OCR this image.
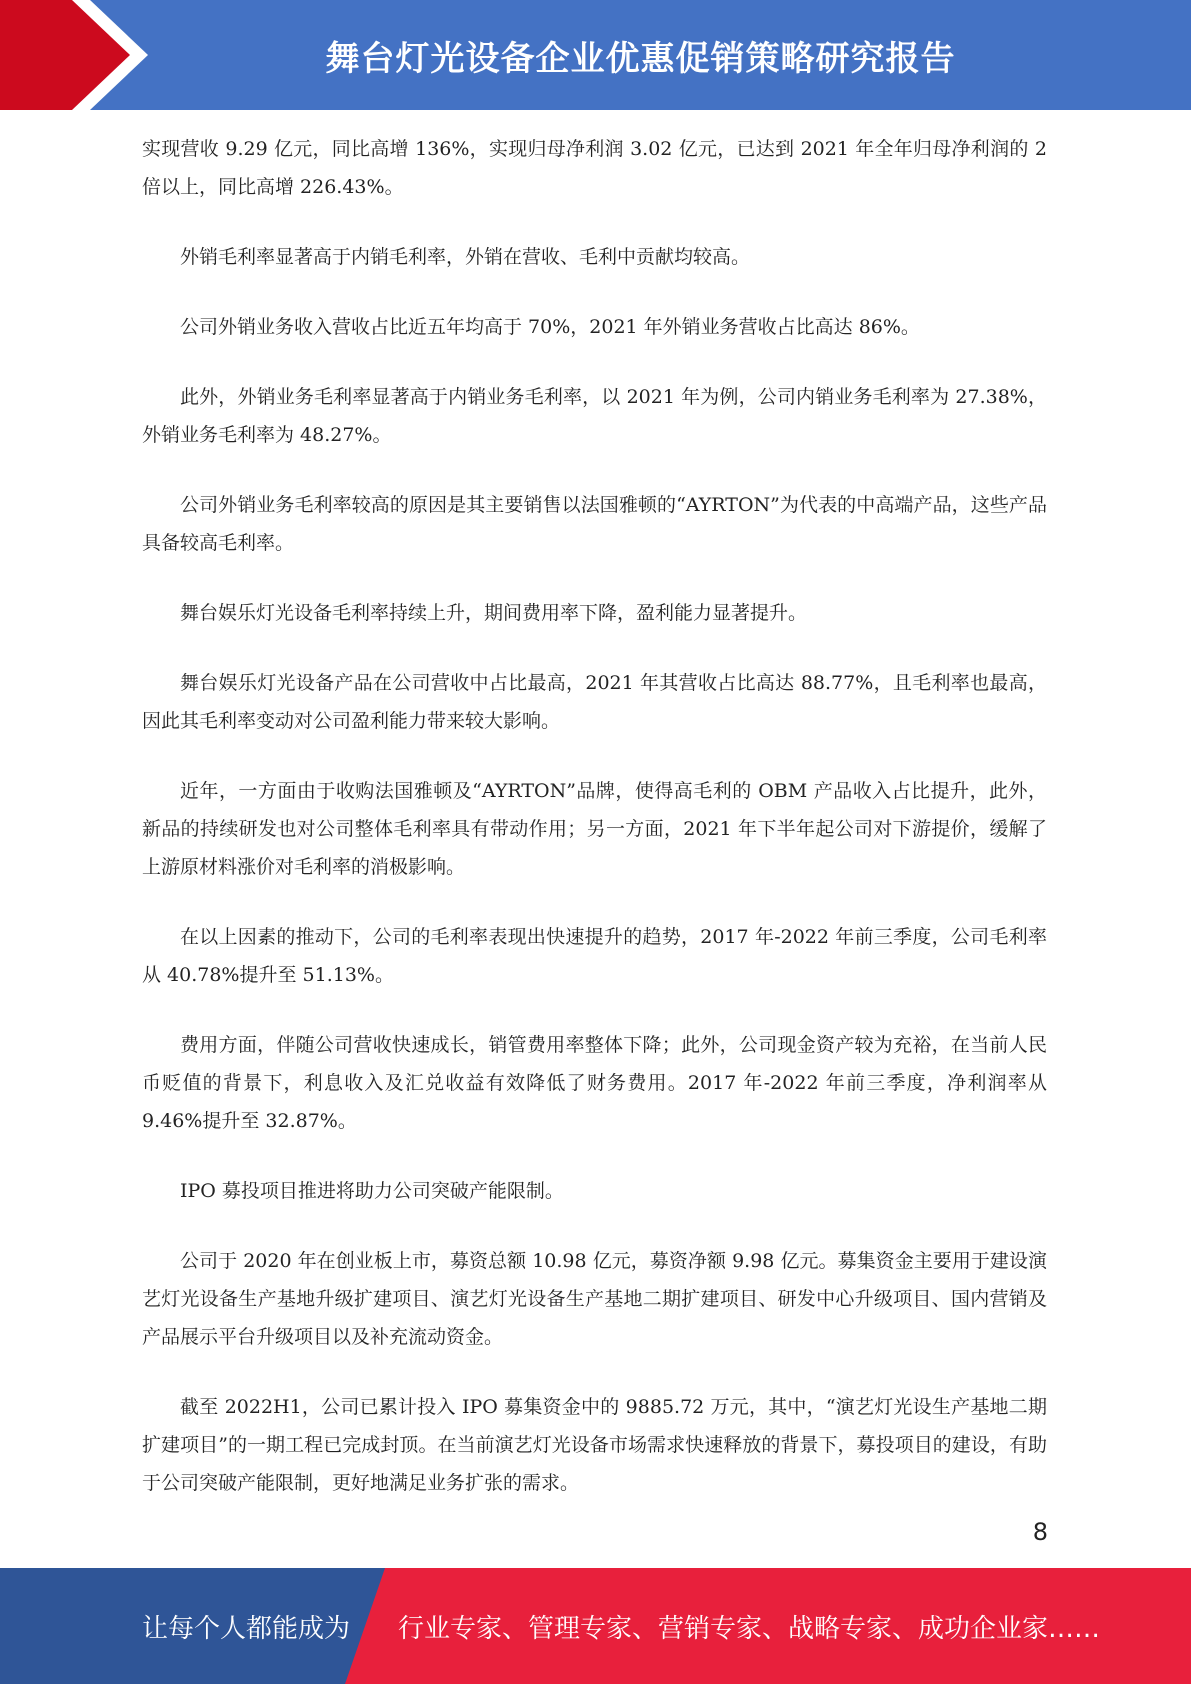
舞台灯光设备企业优惠促销策略研究报告

实现营收 9.29 亿元，同比高增 136%，实现归母净利润 3.02 亿元，已达到 2021 年全年归母净利润的 2 倍以上，同比高增 226.43%。

外销毛利率显著高于内销毛利率，外销在营收、毛利中贡献均较高。

公司外销业务收入营收占比近五年均高于 70%，2021 年外销业务营收占比高达 86%。

此外，外销业务毛利率显著高于内销业务毛利率，以 2021 年为例，公司内销业务毛利率为 27.38%，外销业务毛利率为 48.27%。

公司外销业务毛利率较高的原因是其主要销售以法国雅顿的“AYRTON”为代表的中高端产品，这些产品具备较高毛利率。

舞台娱乐灯光设备毛利率持续上升，期间费用率下降，盈利能力显著提升。

舞台娱乐灯光设备产品在公司营收中占比最高，2021 年其营收占比高达 88.77%，且毛利率也最高，因此其毛利率变动对公司盈利能力带来较大影响。

近年，一方面由于收购法国雅顿及“AYRTON”品牌，使得高毛利的 OBM 产品收入占比提升，此外，新品的持续研发也对公司整体毛利率具有带动作用；另一方面，2021 年下半年起公司对下游提价，缓解了上游原材料涨价对毛利率的消极影响。

在以上因素的推动下，公司的毛利率表现出快速提升的趋势，2017 年-2022 年前三季度，公司毛利率从 40.78%提升至 51.13%。

费用方面，伴随公司营收快速成长，销管费用率整体下降；此外，公司现金资产较为充裕，在当前人民币贬值的背景下，利息收入及汇兑收益有效降低了财务费用。2017 年-2022 年前三季度，净利润率从 9.46%提升至 32.87%。

IPO 募投项目推进将助力公司突破产能限制。

公司于 2020 年在创业板上市，募资总额 10.98 亿元，募资净额 9.98 亿元。募集资金主要用于建设演艺灯光设备生产基地升级扩建项目、演艺灯光设备生产基地二期扩建项目、研发中心升级项目、国内营销及产品展示平台升级项目以及补充流动资金。

截至 2022H1，公司已累计投入 IPO 募集资金中的 9885.72 万元，其中，“演艺灯光设生产基地二期扩建项目”的一期工程已完成封顶。在当前演艺灯光设备市场需求快速释放的背景下，募投项目的建设，有助于公司突破产能限制，更好地满足业务扩张的需求。

8
让每个人都能成为 行业专家、管理专家、营销专家、战略专家、成功企业家……
